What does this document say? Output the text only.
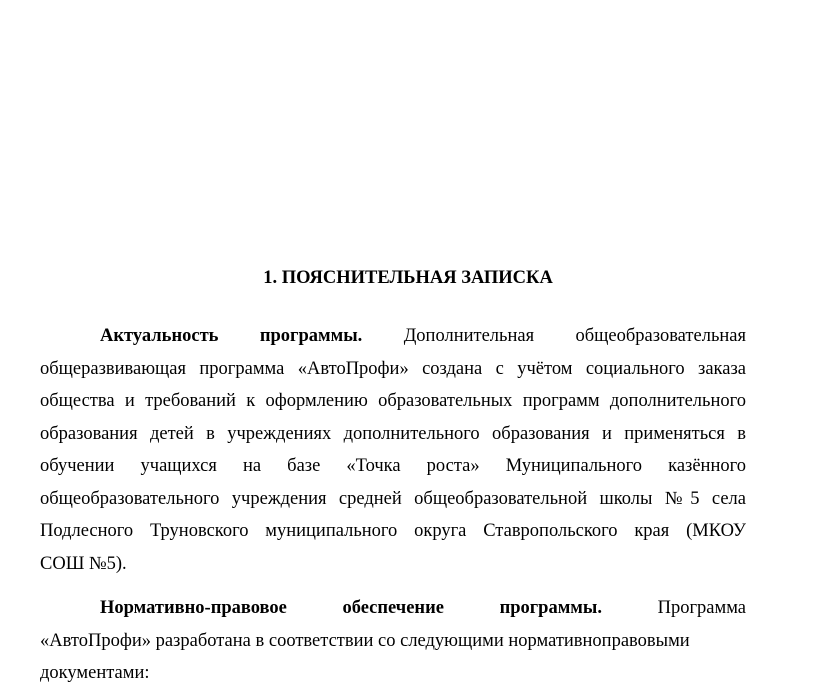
1. ПОЯСНИТЕЛЬНАЯ ЗАПИСКА
Актуальность программы. Дополнительная общеобразовательная
общеразвивающая программа «АвтоПрофи» создана с учётом социального заказа
общества и требований к оформлению образовательных программ дополнительного
образования детей в учреждениях дополнительного образования и применяться в
обучении учащихся на базе «Точка роста» Муниципального казённого
общеобразовательного учреждения средней общеобразовательной школы №5 села
Подлесного Труновского муниципального округа Ставропольского края (МКОУ
СОШ №5).
Нормативно-правовое обеспечение программы.	Программа
«АвтоПрофи» разработана в соответствии со следующими нормативноправовыми
документами:
